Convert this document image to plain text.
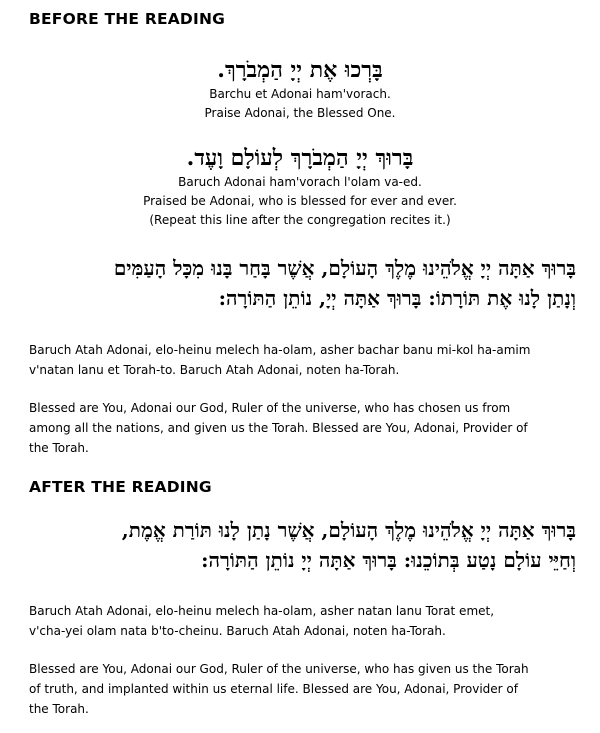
BEFORE THE READING
בָּרְכוּ אֶת יְיָ הַמְבֹרָךְ.
Barchu et Adonai ham'vorach.
Praise Adonai, the Blessed One.
בָּרוּךְ יְיָ הַמְבֹרָךְ לְעוֹלָם וָעֶד.
Baruch Adonai ham'vorach l'olam va-ed.
Praised be Adonai, who is blessed for ever and ever.
(Repeat this line after the congregation recites it.)
בָּרוּךְ אַתָּה יְיָ אֱלֹהֵינוּ מֶלֶךְ הָעוֹלָם, אֲשֶׁר בָּחַר בָּנוּ מִכָּל הָעַמִּים
וְנָתַן לָנוּ אֶת תּוֹרָתוֹ: בָּרוּךְ אַתָּה יְיָ, נוֹתֵן הַתּוֹרָה:
Baruch Atah Adonai, elo-heinu melech ha-olam, asher bachar banu mi-kol ha-amim
v'natan lanu et Torah-to. Baruch Atah Adonai, noten ha-Torah.
Blessed are You, Adonai our God, Ruler of the universe, who has chosen us from
among all the nations, and given us the Torah. Blessed are You, Adonai, Provider of
the Torah.
AFTER THE READING
בָּרוּךְ אַתָּה יְיָ אֱלֹהֵינוּ מֶלֶךְ הָעוֹלָם, אֲשֶׁר נָתַן לָנוּ תּוֹרַת אֱמֶת,
וְחַיֵּי עוֹלָם נָטַע בְּתוֹכֵנוּ: בָּרוּךְ אַתָּה יְיָ נוֹתֵן הַתּוֹרָה:
Baruch Atah Adonai, elo-heinu melech ha-olam, asher natan lanu Torat emet,
v'cha-yei olam nata b'to-cheinu. Baruch Atah Adonai, noten ha-Torah.
Blessed are You, Adonai our God, Ruler of the universe, who has given us the Torah
of truth, and implanted within us eternal life. Blessed are You, Adonai, Provider of
the Torah.
